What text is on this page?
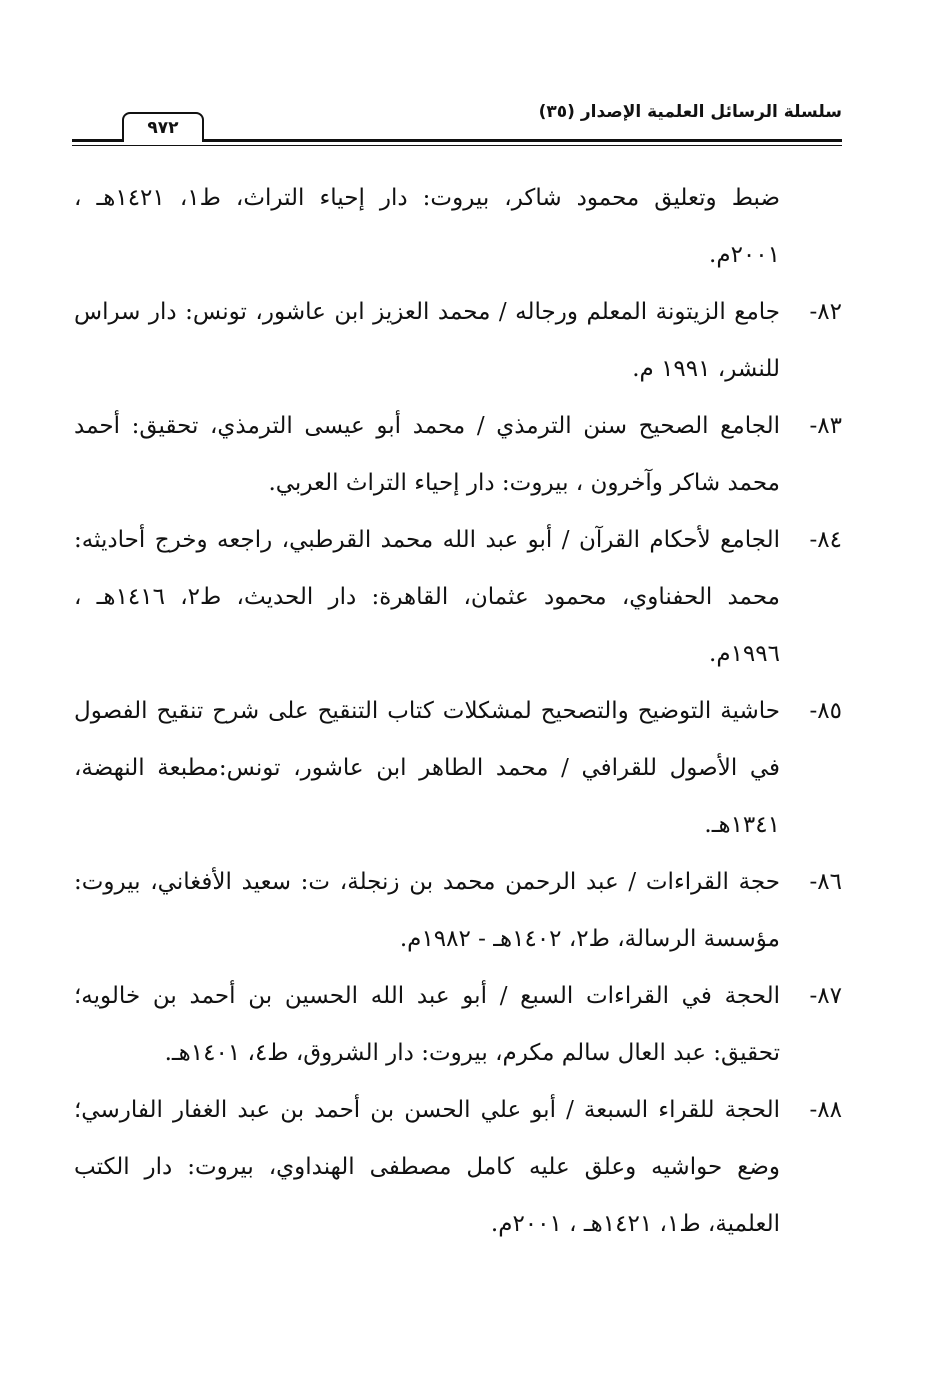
سلسلة الرسائل العلمية الإصدار (٣٥)
٩٧٢

ضبط وتعليق محمود شاكر، بيروت: دار إحياء التراث، ط١، ١٤٢١هـ ، ٢٠٠١م.

٨٢-
جامع الزيتونة المعلم ورجاله / محمد العزيز ابن عاشور، تونس: دار سراس للنشر، ١٩٩١ م.
٨٣-
الجامع الصحيح سنن الترمذي / محمد أبو عيسى الترمذي، تحقيق: أحمد محمد شاكر وآخرون ، بيروت: دار إحياء التراث العربي.
٨٤-
الجامع لأحكام القرآن / أبو عبد الله محمد القرطبي، راجعه وخرج أحاديثه: محمد الحفناوي، محمود عثمان، القاهرة: دار الحديث، ط٢، ١٤١٦هـ ، ١٩٩٦م.
٨٥-
حاشية التوضيح والتصحيح لمشكلات كتاب التنقيح على شرح تنقيح الفصول في الأصول للقرافي / محمد الطاهر ابن عاشور، تونس:مطبعة النهضة، ١٣٤١هـ.
٨٦-
حجة القراءات / عبد الرحمن محمد بن زنجلة، ت: سعيد الأفغاني، بيروت: مؤسسة الرسالة، ط٢، ١٤٠٢هـ - ١٩٨٢م.
٨٧-
الحجة في القراءات السبع / أبو عبد الله الحسين بن أحمد بن خالويه؛ تحقيق: عبد العال سالم مكرم، بيروت: دار الشروق، ط٤، ١٤٠١هـ.
٨٨-
الحجة للقراء السبعة / أبو علي الحسن بن أحمد بن عبد الغفار الفارسي؛ وضع حواشيه وعلق عليه كامل مصطفى الهنداوي، بيروت: دار الكتب العلمية، ط١، ١٤٢١هـ ، ٢٠٠١م.
